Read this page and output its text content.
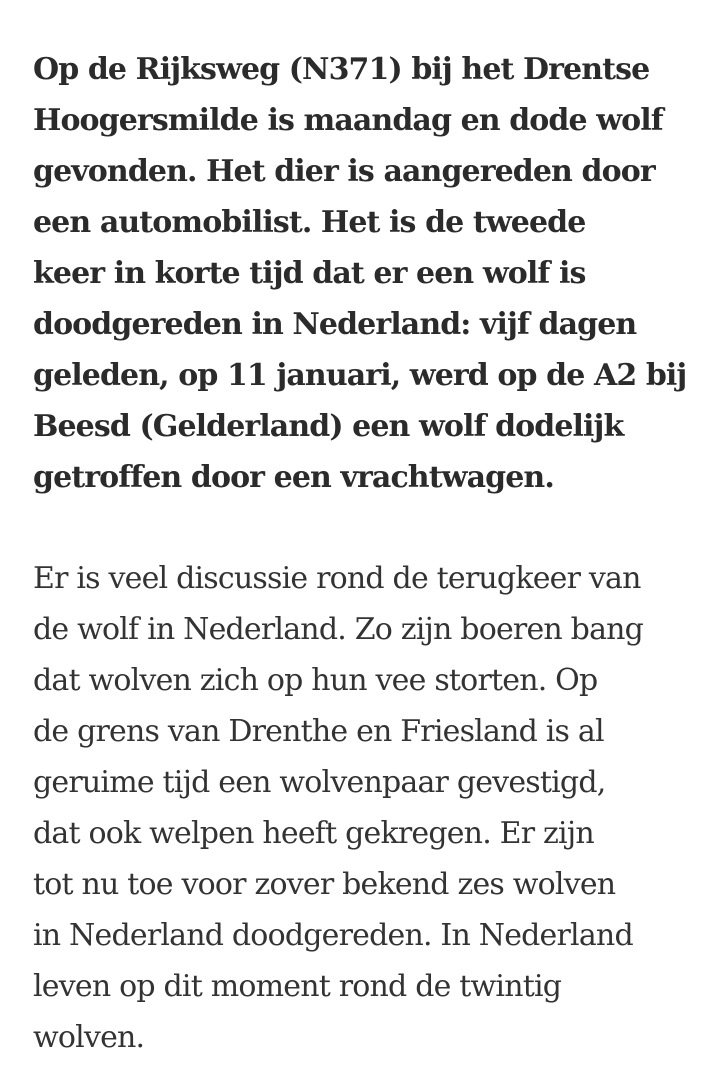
Op de Rijksweg (N371) bij het Drentse
Hoogersmilde is maandag en dode wolf
gevonden. Het dier is aangereden door
een automobilist. Het is de tweede
keer in korte tijd dat er een wolf is
doodgereden in Nederland: vijf dagen
geleden, op 11 januari, werd op de A2 bij
Beesd (Gelderland) een wolf dodelijk
getroffen door een vrachtwagen.

Er is veel discussie rond de terugkeer van
de wolf in Nederland. Zo zijn boeren bang
dat wolven zich op hun vee storten. Op
de grens van Drenthe en Friesland is al
geruime tijd een wolvenpaar gevestigd,
dat ook welpen heeft gekregen. Er zijn
tot nu toe voor zover bekend zes wolven
in Nederland doodgereden. In Nederland
leven op dit moment rond de twintig
wolven.
